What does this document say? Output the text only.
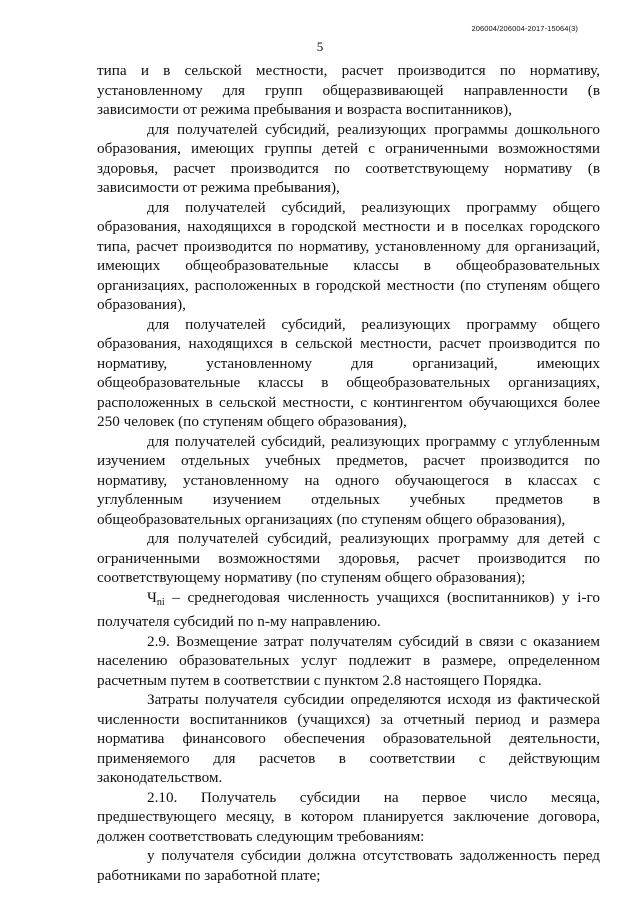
206004/206004-2017-15064(3)
5

типа и в сельской местности, расчет производится по нормативу, установленному для групп общеразвивающей направленности (в зависимости от режима пребывания и возраста воспитанников),

для получателей субсидий, реализующих программы дошкольного образования, имеющих группы детей с ограниченными возможностями здоровья, расчет производится по соответствующему нормативу (в зависимости от режима пребывания),

для получателей субсидий, реализующих программу общего образования, находящихся в городской местности и в поселках городского типа, расчет производится по нормативу, установленному для организаций, имеющих общеобразовательные классы в общеобразовательных организациях, расположенных в городской местности (по ступеням общего образования),

для получателей субсидий, реализующих программу общего образования, находящихся в сельской местности, расчет производится по нормативу, установленному для организаций, имеющих общеобразовательные классы в общеобразовательных организациях, расположенных в сельской местности, с контингентом обучающихся более 250 человек (по ступеням общего образования),

для получателей субсидий, реализующих программу с углубленным изучением отдельных учебных предметов, расчет производится по нормативу, установленному на одного обучающегося в классах с углубленным изучением отдельных учебных предметов в общеобразовательных организациях (по ступеням общего образования),

для получателей субсидий, реализующих программу для детей с ограниченными возможностями здоровья, расчет производится по соответствующему нормативу (по ступеням общего образования);

$Ч_{ni}$ – среднегодовая численность учащихся (воспитанников) у i-го получателя субсидий по n-му направлению.

2.9. Возмещение затрат получателям субсидий в связи с оказанием населению образовательных услуг подлежит в размере, определенном расчетным путем в соответствии с пунктом 2.8 настоящего Порядка.

Затраты получателя субсидии определяются исходя из фактической численности воспитанников (учащихся) за отчетный период и размера норматива финансового обеспечения образовательной деятельности, применяемого для расчетов в соответствии с действующим законодательством.

2.10. Получатель субсидии на первое число месяца, предшествующего месяцу, в котором планируется заключение договора, должен соответствовать следующим требованиям:

у получателя субсидии должна отсутствовать задолженность перед работниками по заработной плате;
